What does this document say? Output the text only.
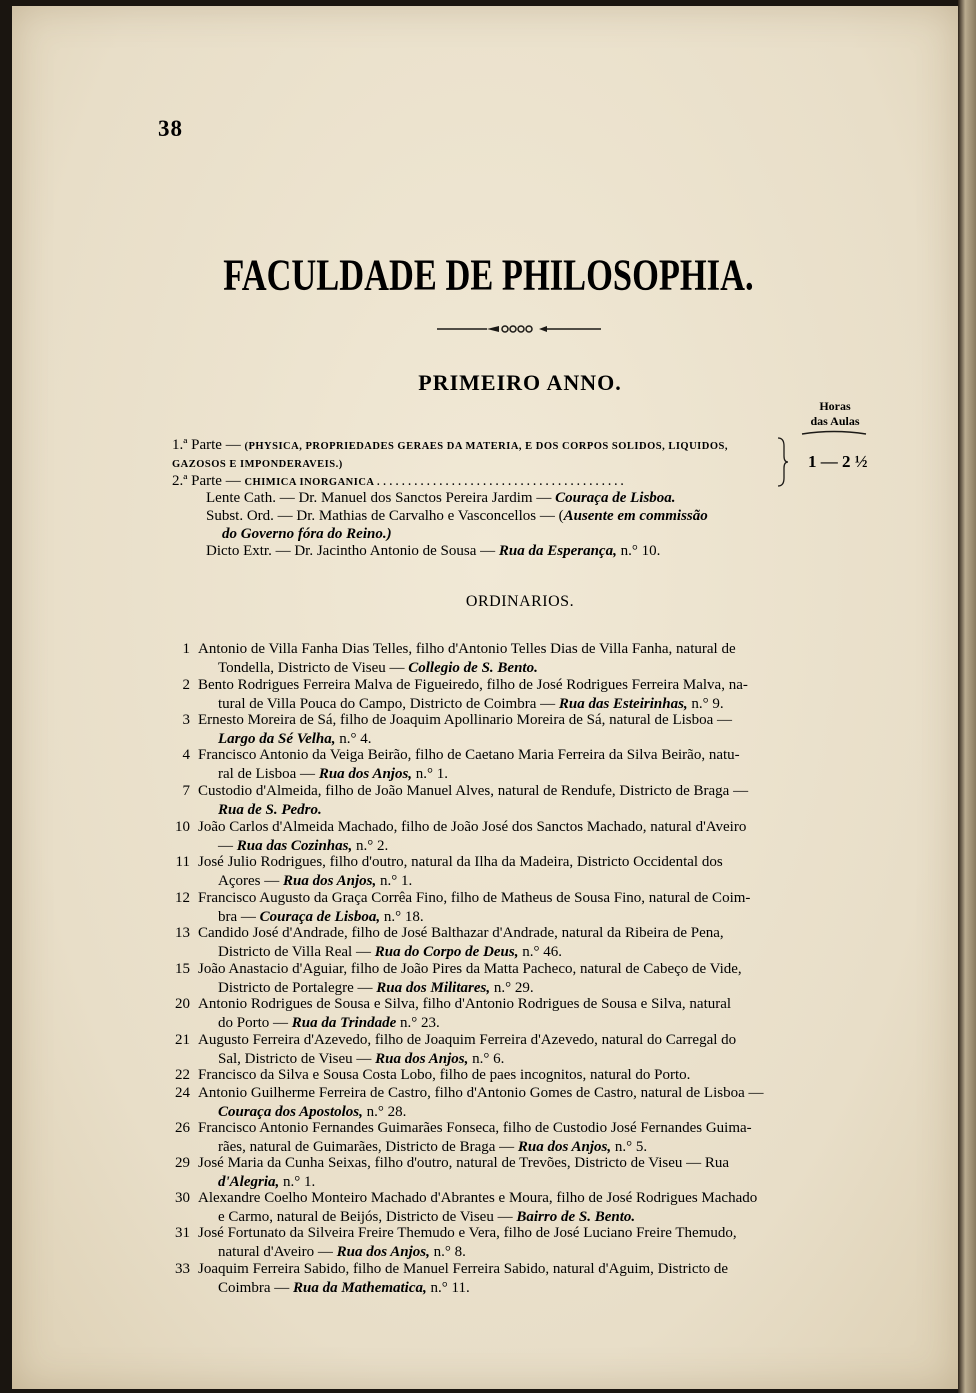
38
FACULDADE DE PHILOSOPHIA.
PRIMEIRO ANNO.
Horas
das Aulas
1.ª Parte — (PHYSICA, PROPRIEDADES GERAES DA MATERIA, E DOS CORPOS SOLIDOS, LIQUIDOS,
GAZOSOS E IMPONDERAVEIS.)
2.ª Parte — CHIMICA INORGANICA . . . . . . . . . . . . . . . . . . . . . . . . . . . . . . . . . . . . . . . .
1 — 2 ½
Lente Cath. — Dr. Manuel dos Sanctos Pereira Jardim — Couraça de Lisboa.
Subst. Ord. — Dr. Mathias de Carvalho e Vasconcellos — (Ausente em commissão
do Governo fóra do Reino.)
Dicto Extr. — Dr. Jacintho Antonio de Sousa — Rua da Esperança, n.° 10.
ORDINARIOS.
1 Antonio de Villa Fanha Dias Telles, filho d'Antonio Telles Dias de Villa Fanha, natural de
Tondella, Districto de Viseu — Collegio de S. Bento.
2 Bento Rodrigues Ferreira Malva de Figueiredo, filho de José Rodrigues Ferreira Malva, na-
tural de Villa Pouca do Campo, Districto de Coimbra — Rua das Esteirinhas, n.° 9.
3 Ernesto Moreira de Sá, filho de Joaquim Apollinario Moreira de Sá, natural de Lisboa —
Largo da Sé Velha, n.° 4.
4 Francisco Antonio da Veiga Beirão, filho de Caetano Maria Ferreira da Silva Beirão, natu-
ral de Lisboa — Rua dos Anjos, n.° 1.
7 Custodio d'Almeida, filho de João Manuel Alves, natural de Rendufe, Districto de Braga —
Rua de S. Pedro.
10 João Carlos d'Almeida Machado, filho de João José dos Sanctos Machado, natural d'Aveiro
— Rua das Cozinhas, n.° 2.
11 José Julio Rodrigues, filho d'outro, natural da Ilha da Madeira, Districto Occidental dos
Açores — Rua dos Anjos, n.° 1.
12 Francisco Augusto da Graça Corrêa Fino, filho de Matheus de Sousa Fino, natural de Coim-
bra — Couraça de Lisboa, n.° 18.
13 Candido José d'Andrade, filho de José Balthazar d'Andrade, natural da Ribeira de Pena,
Districto de Villa Real — Rua do Corpo de Deus, n.° 46.
15 João Anastacio d'Aguiar, filho de João Pires da Matta Pacheco, natural de Cabeço de Vide,
Districto de Portalegre — Rua dos Militares, n.° 29.
20 Antonio Rodrigues de Sousa e Silva, filho d'Antonio Rodrigues de Sousa e Silva, natural
do Porto — Rua da Trindade n.° 23.
21 Augusto Ferreira d'Azevedo, filho de Joaquim Ferreira d'Azevedo, natural do Carregal do
Sal, Districto de Viseu — Rua dos Anjos, n.° 6.
22 Francisco da Silva e Sousa Costa Lobo, filho de paes incognitos, natural do Porto.
24 Antonio Guilherme Ferreira de Castro, filho d'Antonio Gomes de Castro, natural de Lisboa —
Couraça dos Apostolos, n.° 28.
26 Francisco Antonio Fernandes Guimarães Fonseca, filho de Custodio José Fernandes Guima-
rães, natural de Guimarães, Districto de Braga — Rua dos Anjos, n.° 5.
29 José Maria da Cunha Seixas, filho d'outro, natural de Trevões, Districto de Viseu — Rua
d'Alegria, n.° 1.
30 Alexandre Coelho Monteiro Machado d'Abrantes e Moura, filho de José Rodrigues Machado
e Carmo, natural de Beijós, Districto de Viseu — Bairro de S. Bento.
31 José Fortunato da Silveira Freire Themudo e Vera, filho de José Luciano Freire Themudo,
natural d'Aveiro — Rua dos Anjos, n.° 8.
33 Joaquim Ferreira Sabido, filho de Manuel Ferreira Sabido, natural d'Aguim, Districto de
Coimbra — Rua da Mathematica, n.° 11.
